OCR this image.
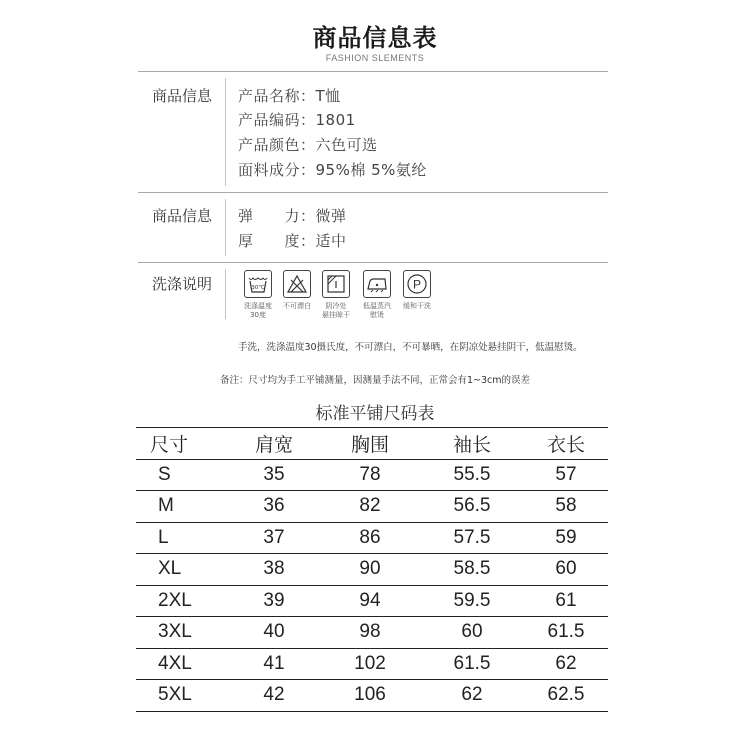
商品信息表
FASHION SLEMENTS
商品信息 产品名称：T恤
产品编码：1801
产品颜色：六色可选
面料成分：95%棉 5%氨纶
商品信息 弹　　力：微弹
厚　　度：适中
洗涤说明	30℃
洗涤温度
30度
不可漂白	阴冷处
悬挂晾干
低温蒸汽
慰烫
P
缓和干洗
手洗，洗涤温度30摄氏度，不可漂白，不可暴晒，在阴凉处悬挂阴干，低温慰烫。
备注：尺寸均为手工平铺测量，因测量手法不同，正常会有1~3cm的误差
标准平铺尺码表
尺寸	肩宽	胸围	袖长	衣长
S	35	78	55.5	57
M	36	82	56.5	58
L	37	86	57.5	59
XL	38	90	58.5	60
2XL	39	94	59.5	61
3XL	40	98	60	61.5
4XL	41	102	61.5	62
5XL	42	106	62	62.5
